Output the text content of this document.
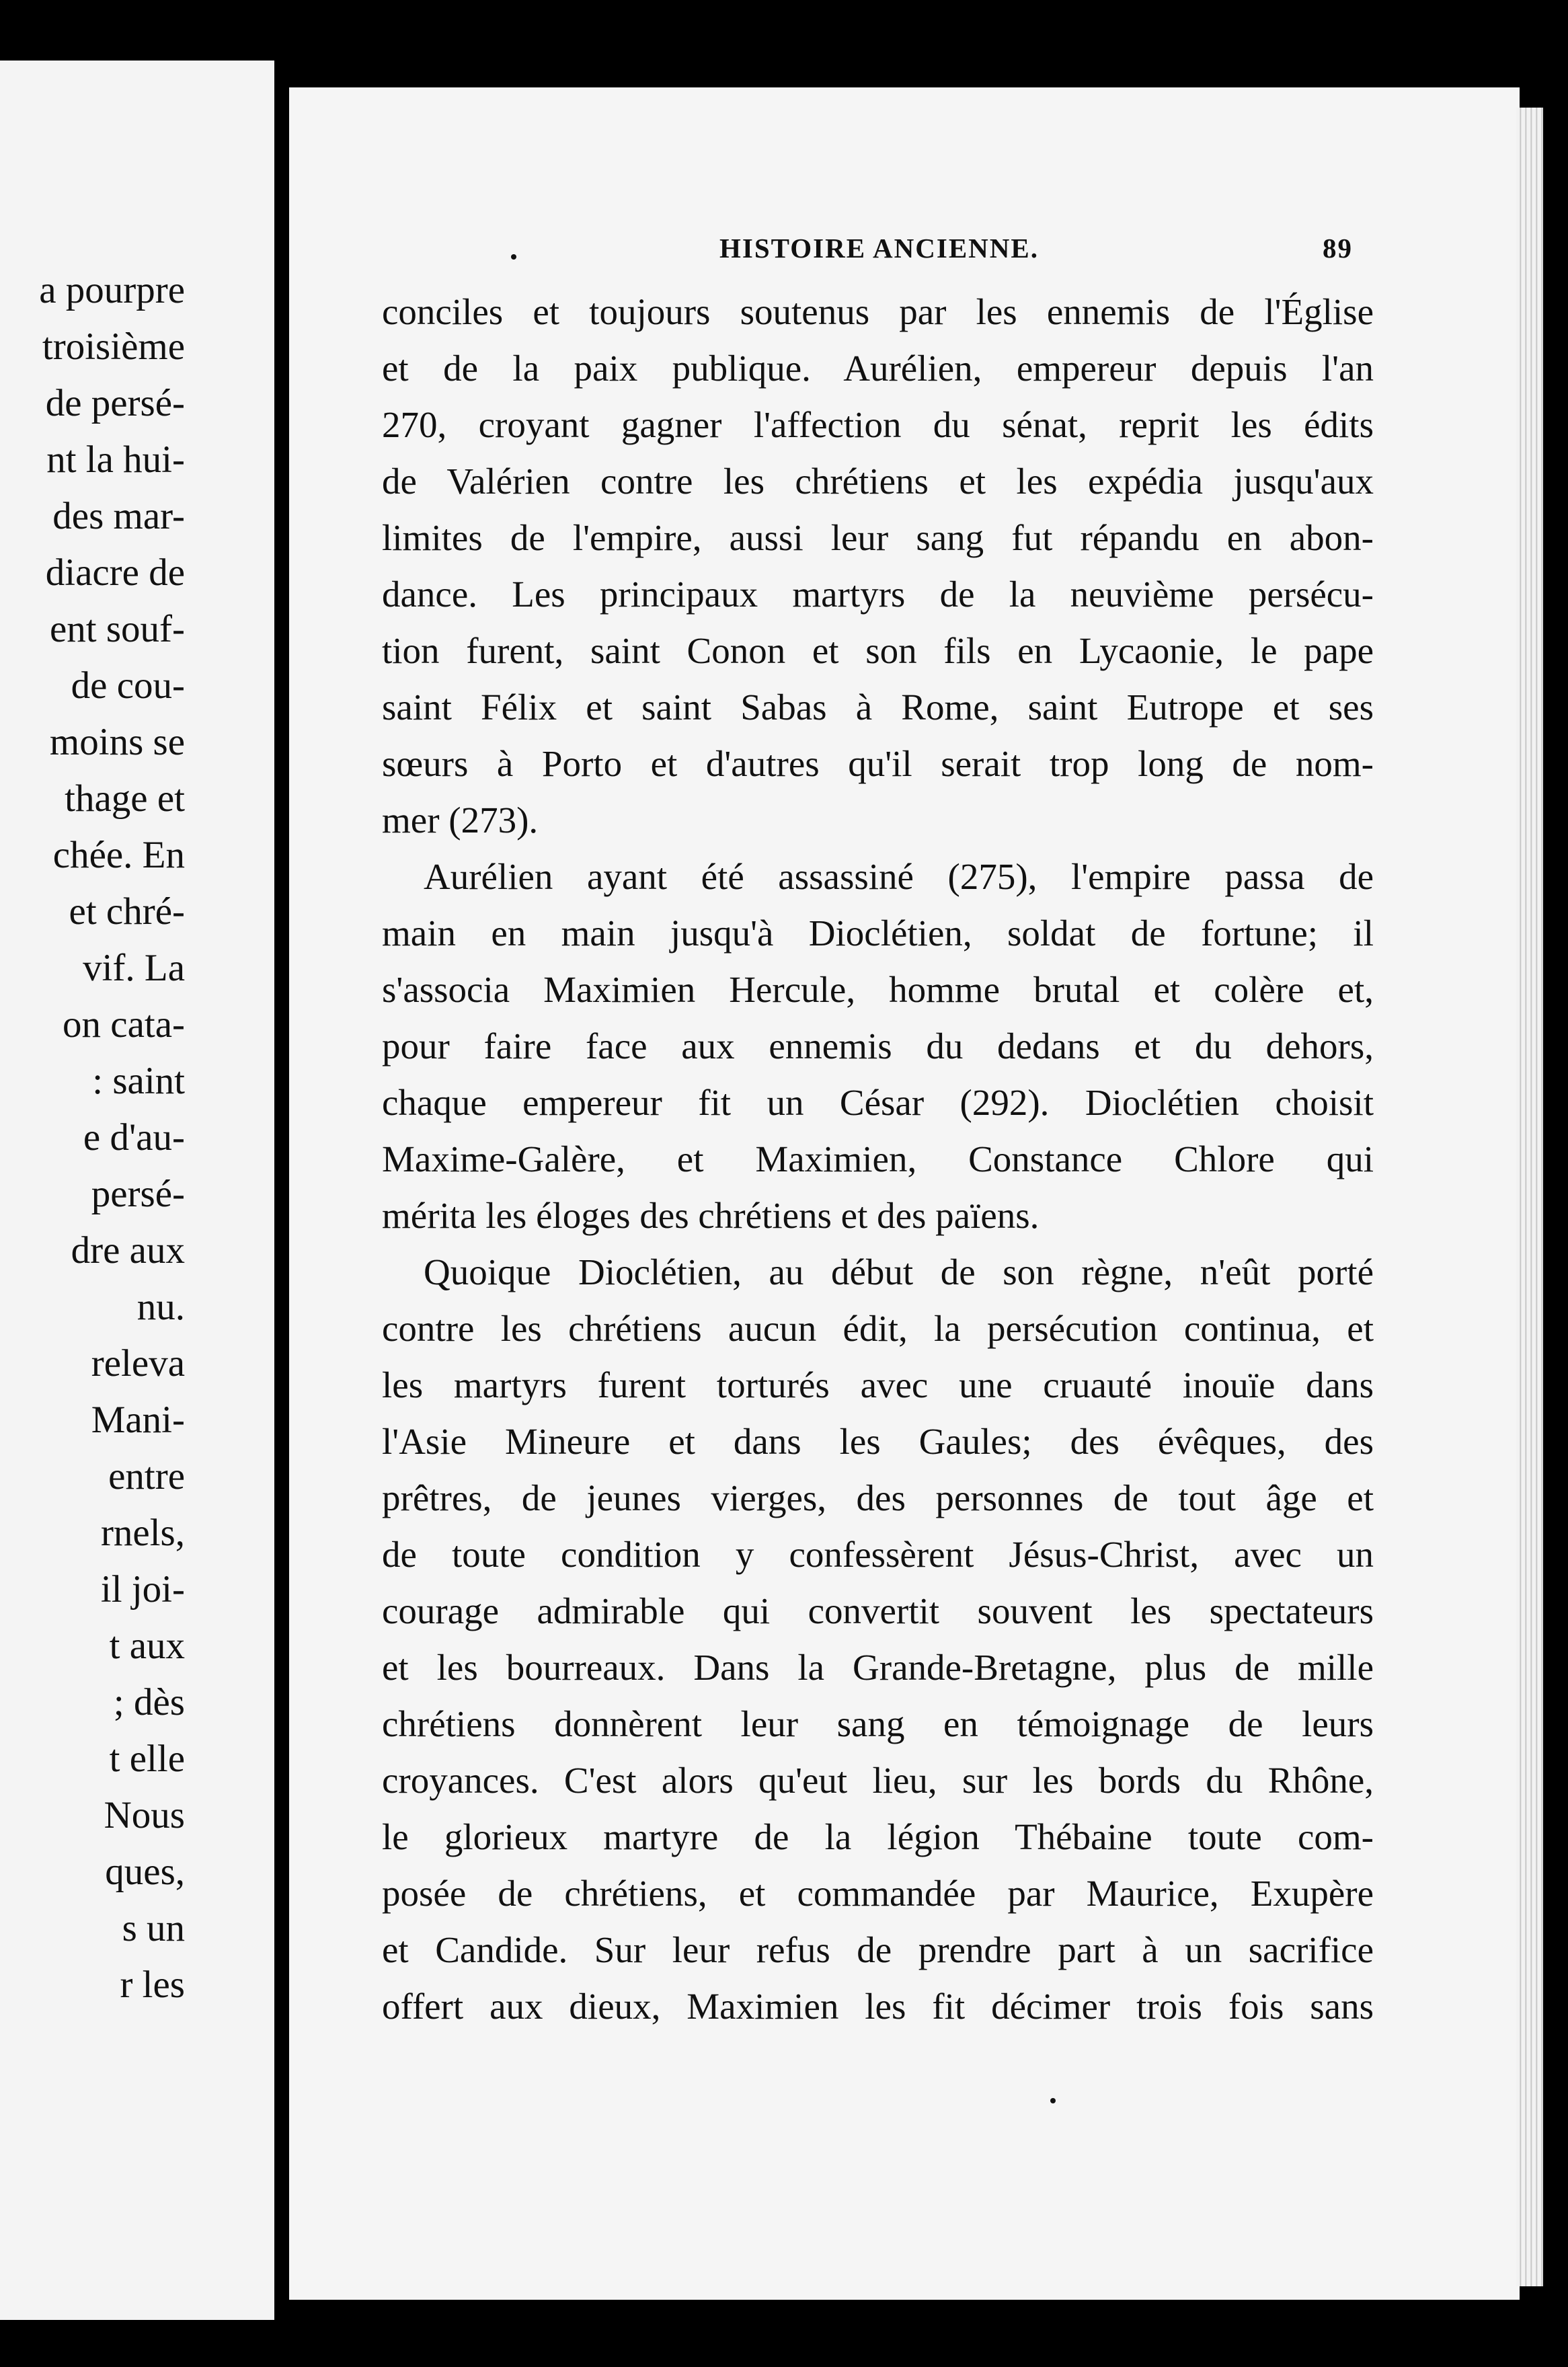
a pourpre
troisième
de persé-
nt la hui-
des mar-
diacre de
ent souf-
de cou-
moins se
thage et
chée. En
et chré-
vif. La
on cata-
: saint
e d'au-
persé-
dre aux
nu.
releva
Mani-
entre
rnels,
il joi-
t aux
; dès
t elle
Nous
ques,
s un
r les
HISTOIRE ANCIENNE.	89
conciles et toujours soutenus par les ennemis de l'Église
et de la paix publique. Aurélien, empereur depuis l'an
270, croyant gagner l'affection du sénat, reprit les édits
de Valérien contre les chrétiens et les expédia jusqu'aux
limites de l'empire, aussi leur sang fut répandu en abon-
dance. Les principaux martyrs de la neuvième persécu-
tion furent, saint Conon et son fils en Lycaonie, le pape
saint Félix et saint Sabas à Rome, saint Eutrope et ses
sœurs à Porto et d'autres qu'il serait trop long de nom-
mer (273).
Aurélien ayant été assassiné (275), l'empire passa de
main en main jusqu'à Dioclétien, soldat de fortune; il
s'associa Maximien Hercule, homme brutal et colère et,
pour faire face aux ennemis du dedans et du dehors,
chaque empereur fit un César (292). Dioclétien choisit
Maxime-Galère, et Maximien, Constance Chlore qui
mérita les éloges des chrétiens et des païens.
Quoique Dioclétien, au début de son règne, n'eût porté
contre les chrétiens aucun édit, la persécution continua, et
les martyrs furent torturés avec une cruauté inouïe dans
l'Asie Mineure et dans les Gaules; des évêques, des
prêtres, de jeunes vierges, des personnes de tout âge et
de toute condition y confessèrent Jésus-Christ, avec un
courage admirable qui convertit souvent les spectateurs
et les bourreaux. Dans la Grande-Bretagne, plus de mille
chrétiens donnèrent leur sang en témoignage de leurs
croyances. C'est alors qu'eut lieu, sur les bords du Rhône,
le glorieux martyre de la légion Thébaine toute com-
posée de chrétiens, et commandée par Maurice, Exupère
et Candide. Sur leur refus de prendre part à un sacrifice
offert aux dieux, Maximien les fit décimer trois fois sans
